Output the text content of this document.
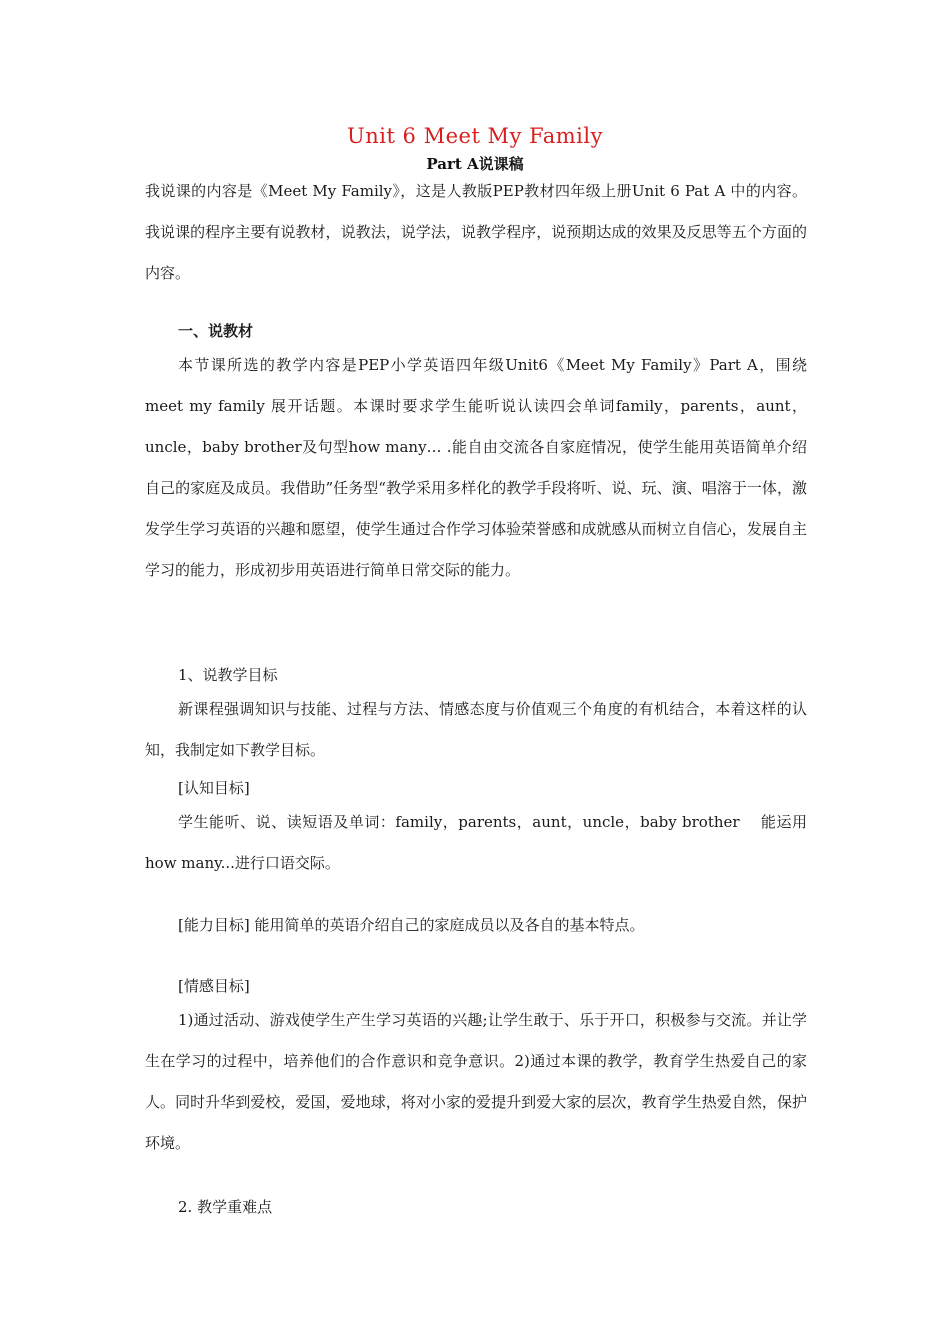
Unit 6 Meet My Family
Part A说课稿
我说课的内容是《Meet My Family》，这是人教版PEP教材四年级上册Unit 6 Pat A 中的内容。我说课的程序主要有说教材，说教法，说学法，说教学程序，说预期达成的效果及反思等五个方面的内容。
一、说教材
本节课所选的教学内容是PEP小学英语四年级Unit6《Meet My Family》Part A，围绕 meet my family 展开话题。本课时要求学生能听说认读四会单词family，parents，aunt，uncle，baby brother及句型how many… .能自由交流各自家庭情况，使学生能用英语简单介绍自己的家庭及成员。我借助”任务型“教学采用多样化的教学手段将听、说、玩、演、唱溶于一体，激发学生学习英语的兴趣和愿望，使学生通过合作学习体验荣誉感和成就感从而树立自信心，发展自主学习的能力，形成初步用英语进行简单日常交际的能力。
1、说教学目标
新课程强调知识与技能、过程与方法、情感态度与价值观三个角度的有机结合，本着这样的认知，我制定如下教学目标。
[认知目标]
学生能听、说、读短语及单词：family，parents，aunt，uncle，baby brother　 能运用 how many...进行口语交际。
[能力目标] 能用简单的英语介绍自己的家庭成员以及各自的基本特点。
[情感目标]
1)通过活动、游戏使学生产生学习英语的兴趣;让学生敢于、乐于开口，积极参与交流。并让学生在学习的过程中，培养他们的合作意识和竞争意识。2)通过本课的教学，教育学生热爱自己的家人。同时升华到爱校，爱国，爱地球，将对小家的爱提升到爱大家的层次，教育学生热爱自然，保护环境。
2. 教学重难点
